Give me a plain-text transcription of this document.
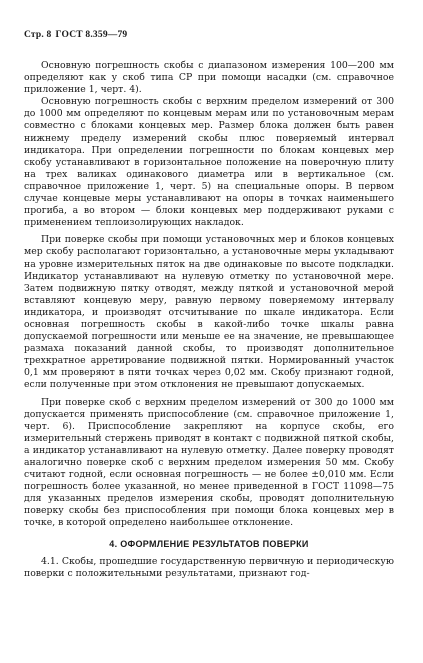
Стр. 8 ГОСТ 8.359—79

Основную погрешность скобы с диапазоном измерения 100—200 мм определяют как у скоб типа СР при помощи насадки (см. справочное приложение 1, черт. 4).

Основную погрешность скобы с верхним пределом измерений от 300 до 1000 мм определяют по концевым мерам или по установочным мерам совместно с блоками концевых мер. Размер блока должен быть равен нижнему пределу измерений скобы плюс поверяемый интервал индикатора. При определении погрешности по блокам концевых мер скобу устанавливают в горизонтальное положение на поверочную плиту на трех валиках одинакового диаметра или в вертикальное (см. справочное приложение 1, черт. 5) на специальные опоры. В первом случае концевые меры устанавливают на опоры в точках наименьшего прогиба, а во втором — блоки концевых мер поддерживают руками с применением теплоизолирующих накладок.

При поверке скобы при помощи установочных мер и блоков концевых мер скобу располагают горизонтально, а установочные меры укладывают на уровне измерительных пяток на две одинаковые по высоте подкладки. Индикатор устанавливают на нулевую отметку по установочной мере. Затем подвижную пятку отводят, между пяткой и установочной мерой вставляют концевую меру, равную первому поверяемому интервалу индикатора, и производят отсчитывание по шкале индикатора. Если основная погрешность скобы в какой-либо точке шкалы равна допускаемой погрешности или меньше ее на значение, не превышающее размаха показаний данной скобы, то производят дополнительное трехкратное арретирование подвижной пятки. Нормированный участок 0,1 мм проверяют в пяти точках через 0,02 мм. Скобу признают годной, если полученные при этом отклонения не превышают допускаемых.

При поверке скоб с верхним пределом измерений от 300 до 1000 мм допускается применять приспособление (см. справочное приложение 1, черт. 6). Приспособление закрепляют на корпусе скобы, его измерительный стержень приводят в контакт с подвижной пяткой скобы, а индикатор устанавливают на нулевую отметку. Далее поверку проводят аналогично поверке скоб с верхним пределом измерения 50 мм. Скобу считают годной, если основная погрешность — не более ±0,010 мм. Если погрешность более указанной, но менее приведенной в ГОСТ 11098—75 для указанных пределов измерения скобы, проводят дополнительную поверку скобы без приспособления при помощи блока концевых мер в точке, в которой определено наибольшее отклонение.

4. ОФОРМЛЕНИЕ РЕЗУЛЬТАТОВ ПОВЕРКИ

4.1. Скобы, прошедшие государственную первичную и периодическую поверки с положительными результатами, признают год-
